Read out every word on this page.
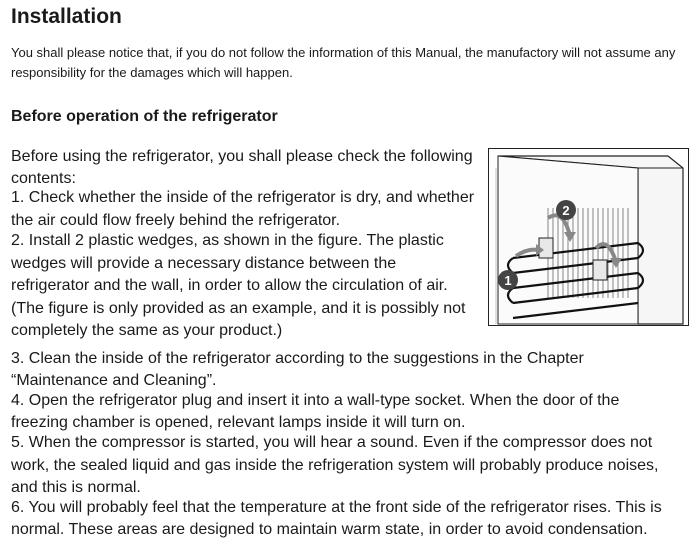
Installation

You shall please notice that, if you do not follow the information of this Manual, the manufactory will not assume any responsibility for the damages which will happen.

Before operation of the refrigerator
Before using the refrigerator, you shall please check the following
contents:
1. Check whether the inside of the refrigerator is dry, and whether
the air could flow freely behind the refrigerator.
2. Install 2 plastic wedges, as shown in the figure. The plastic
wedges will provide a necessary distance between the
refrigerator and the wall, in order to allow the circulation of air.
(The figure is only provided as an example, and it is possibly not
completely the same as your product.)
3. Clean the inside of the refrigerator according to the suggestions in the Chapter
“Maintenance and Cleaning”.
4. Open the refrigerator plug and insert it into a wall-type socket. When the door of the
freezing chamber is opened, relevant lamps inside it will turn on.
5. When the compressor is started, you will hear a sound. Even if the compressor does not
work, the sealed liquid and gas inside the refrigeration system will probably produce noises,
and this is normal.
6. You will probably feel that the temperature at the front side of the refrigerator rises. This is
normal. These areas are designed to maintain warm state, in order to avoid condensation.
1
2
